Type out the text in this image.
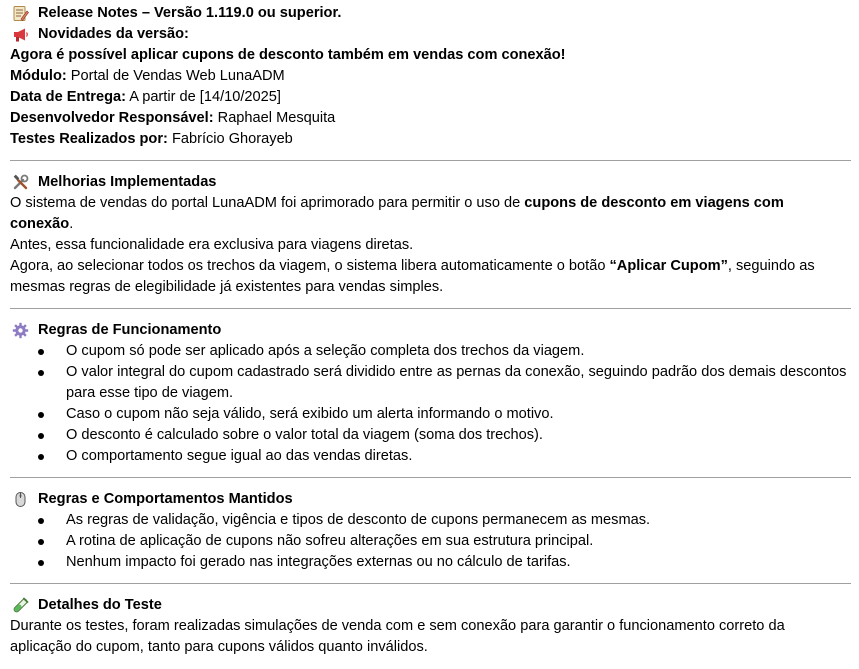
Release Notes – Versão 1.119.0 ou superior.
Novidades da versão:

Agora é possível aplicar cupons de desconto também em vendas com conexão!

Módulo: Portal de Vendas Web LunaADM

Data de Entrega: A partir de [14/10/2025]

Desenvolvedor Responsável: Raphael Mesquita

Testes Realizados por: Fabrício Ghorayeb

Melhorias Implementadas

O sistema de vendas do portal LunaADM foi aprimorado para permitir o uso de cupons de desconto em viagens com conexão.

Antes, essa funcionalidade era exclusiva para viagens diretas.

Agora, ao selecionar todos os trechos da viagem, o sistema libera automaticamente o botão “Aplicar Cupom”, seguindo as mesmas regras de elegibilidade já existentes para vendas simples.

Regras de Funcionamento
O cupom só pode ser aplicado após a seleção completa dos trechos da viagem.
O valor integral do cupom cadastrado será dividido entre as pernas da conexão, seguindo padrão dos demais descontos para esse tipo de viagem.
Caso o cupom não seja válido, será exibido um alerta informando o motivo.
O desconto é calculado sobre o valor total da viagem (soma dos trechos).
O comportamento segue igual ao das vendas diretas.
Regras e Comportamentos Mantidos
As regras de validação, vigência e tipos de desconto de cupons permanecem as mesmas.
A rotina de aplicação de cupons não sofreu alterações em sua estrutura principal.
Nenhum impacto foi gerado nas integrações externas ou no cálculo de tarifas.
Detalhes do Teste

Durante os testes, foram realizadas simulações de venda com e sem conexão para garantir o funcionamento correto da aplicação do cupom, tanto para cupons válidos quanto inválidos.
